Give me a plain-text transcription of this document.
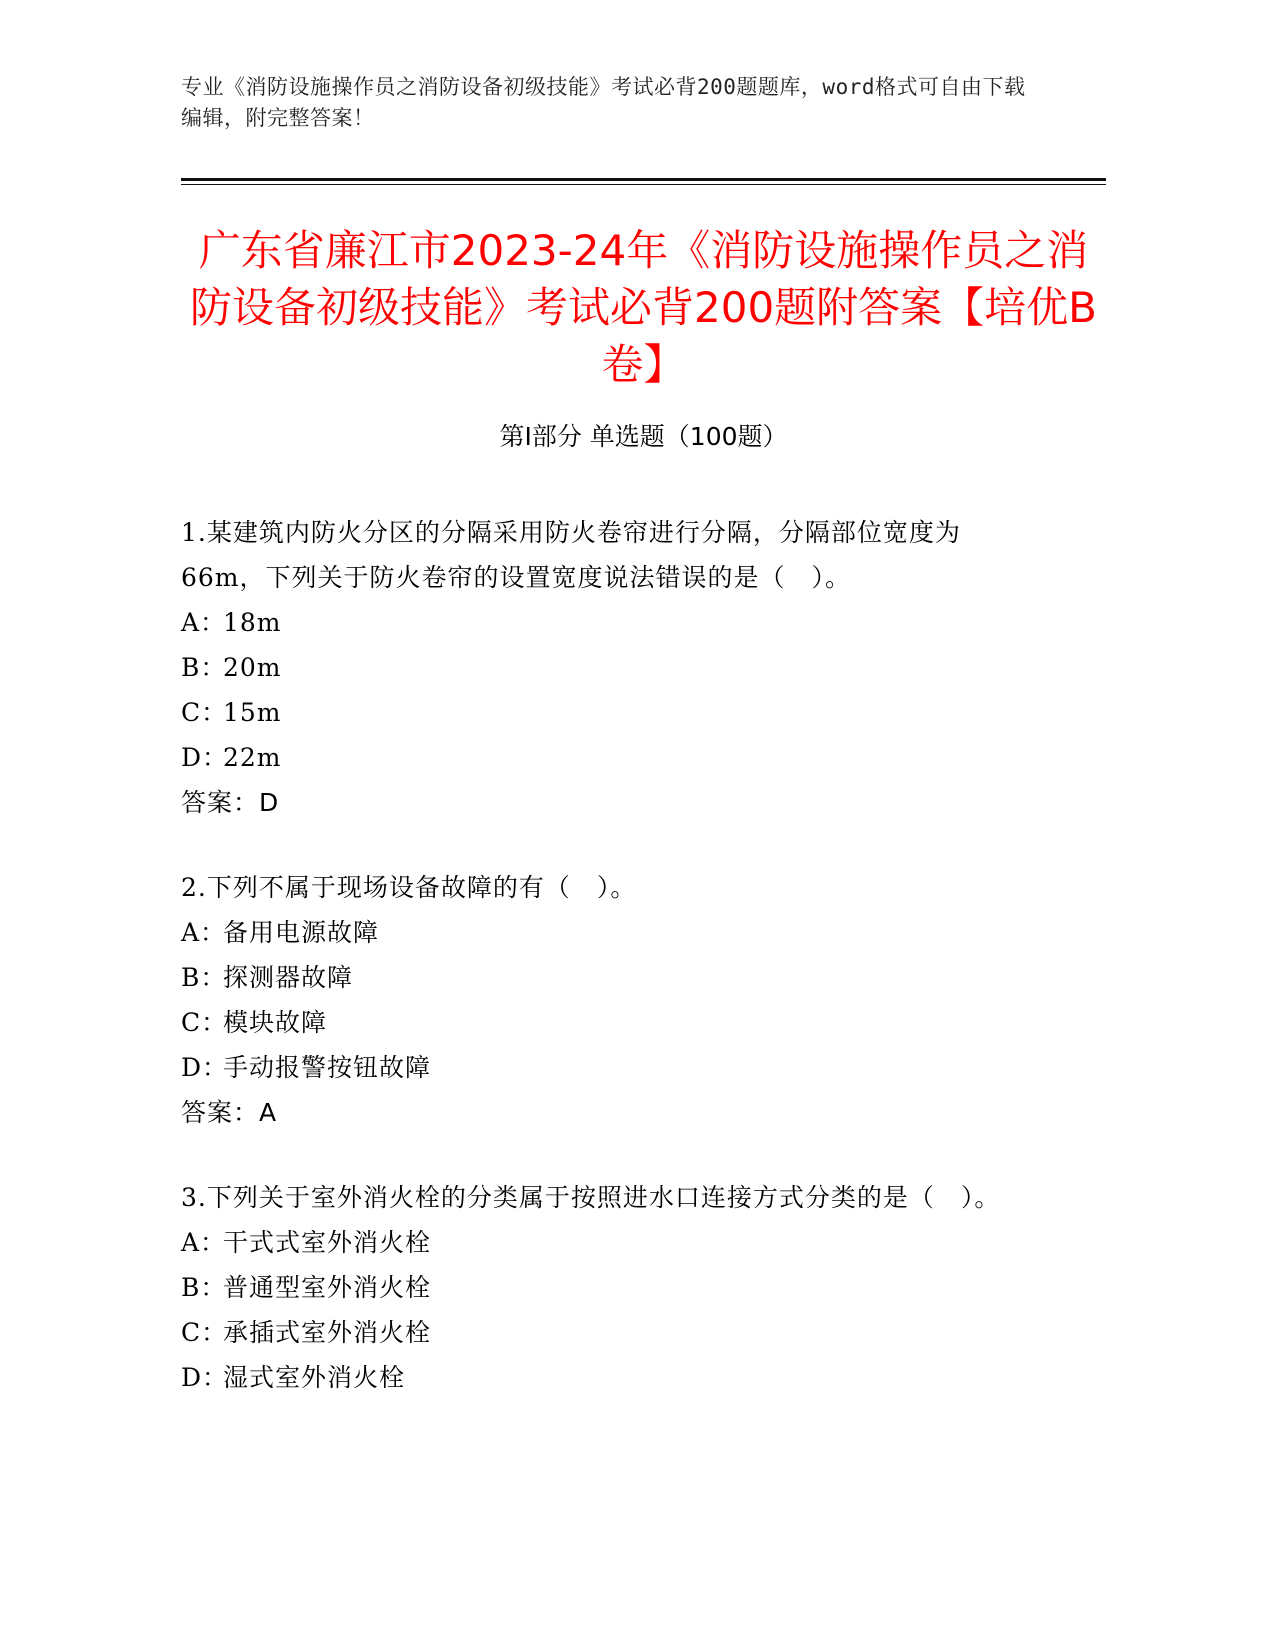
专业《消防设施操作员之消防设备初级技能》考试必背200题题库，word格式可自由下载编辑，附完整答案！
广东省廉江市2023-24年《消防设施操作员之消防设备初级技能》考试必背200题附答案【培优B卷】
第Ⅰ部分 单选题（100题）

1.某建筑内防火分区的分隔采用防火卷帘进行分隔，分隔部位宽度为66m，下列关于防火卷帘的设置宽度说法错误的是（　）。

A：18m

B：20m

C：15m

D：22m

答案：D

2.下列不属于现场设备故障的有（　）。

A：备用电源故障

B：探测器故障

C：模块故障

D：手动报警按钮故障

答案：A

3.下列关于室外消火栓的分类属于按照进水口连接方式分类的是（　）。

A：干式式室外消火栓

B：普通型室外消火栓

C：承插式室外消火栓

D：湿式室外消火栓
